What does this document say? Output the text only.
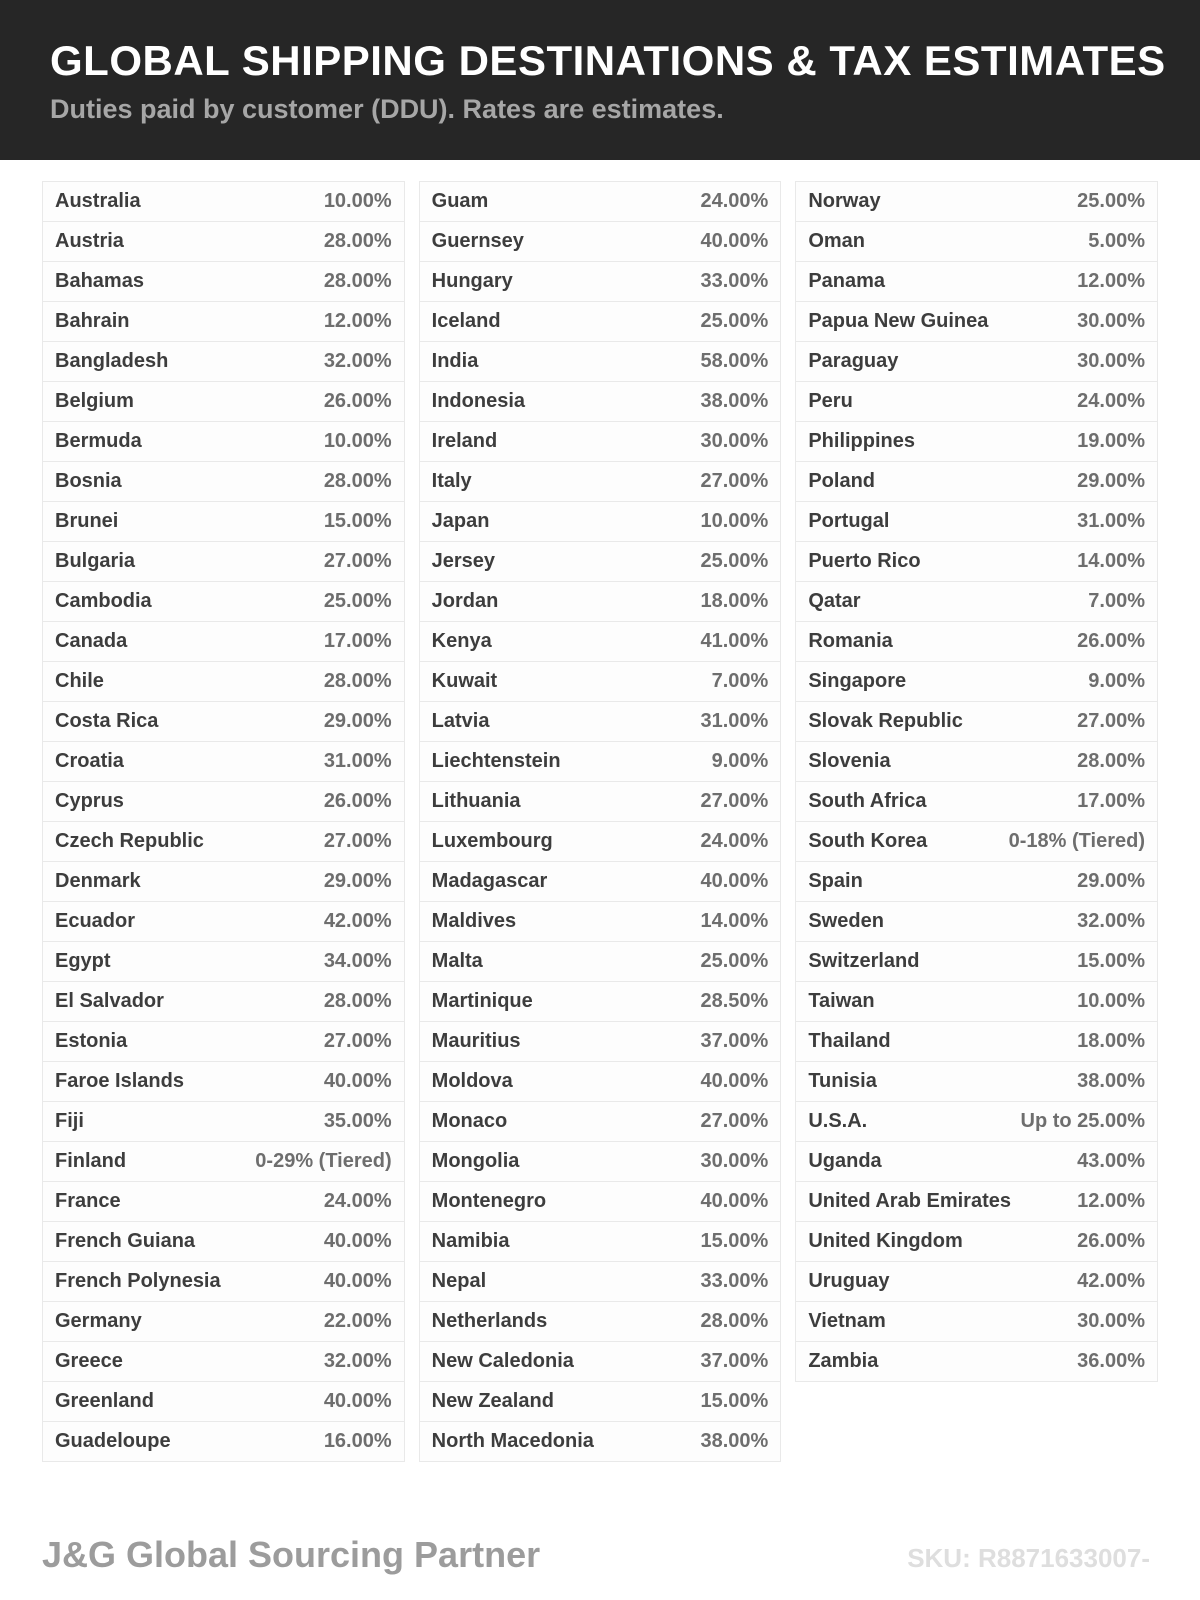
GLOBAL SHIPPING DESTINATIONS & TAX ESTIMATES
Duties paid by customer (DDU). Rates are estimates.
Australia	10.00%
Austria	28.00%
Bahamas	28.00%
Bahrain	12.00%
Bangladesh	32.00%
Belgium	26.00%
Bermuda	10.00%
Bosnia	28.00%
Brunei	15.00%
Bulgaria	27.00%
Cambodia	25.00%
Canada	17.00%
Chile	28.00%
Costa Rica	29.00%
Croatia	31.00%
Cyprus	26.00%
Czech Republic	27.00%
Denmark	29.00%
Ecuador	42.00%
Egypt	34.00%
El Salvador	28.00%
Estonia	27.00%
Faroe Islands	40.00%
Fiji	35.00%
Finland	0-29% (Tiered)
France	24.00%
French Guiana	40.00%
French Polynesia	40.00%
Germany	22.00%
Greece	32.00%
Greenland	40.00%
Guadeloupe	16.00%
Guam	24.00%
Guernsey	40.00%
Hungary	33.00%
Iceland	25.00%
India	58.00%
Indonesia	38.00%
Ireland	30.00%
Italy	27.00%
Japan	10.00%
Jersey	25.00%
Jordan	18.00%
Kenya	41.00%
Kuwait	7.00%
Latvia	31.00%
Liechtenstein	9.00%
Lithuania	27.00%
Luxembourg	24.00%
Madagascar	40.00%
Maldives	14.00%
Malta	25.00%
Martinique	28.50%
Mauritius	37.00%
Moldova	40.00%
Monaco	27.00%
Mongolia	30.00%
Montenegro	40.00%
Namibia	15.00%
Nepal	33.00%
Netherlands	28.00%
New Caledonia	37.00%
New Zealand	15.00%
North Macedonia	38.00%
Norway	25.00%
Oman	5.00%
Panama	12.00%
Papua New Guinea	30.00%
Paraguay	30.00%
Peru	24.00%
Philippines	19.00%
Poland	29.00%
Portugal	31.00%
Puerto Rico	14.00%
Qatar	7.00%
Romania	26.00%
Singapore	9.00%
Slovak Republic	27.00%
Slovenia	28.00%
South Africa	17.00%
South Korea	0-18% (Tiered)
Spain	29.00%
Sweden	32.00%
Switzerland	15.00%
Taiwan	10.00%
Thailand	18.00%
Tunisia	38.00%
U.S.A.	Up to 25.00%
Uganda	43.00%
United Arab Emirates	12.00%
United Kingdom	26.00%
Uruguay	42.00%
Vietnam	30.00%
Zambia	36.00%
J&G Global Sourcing Partner	SKU: R8871633007-
